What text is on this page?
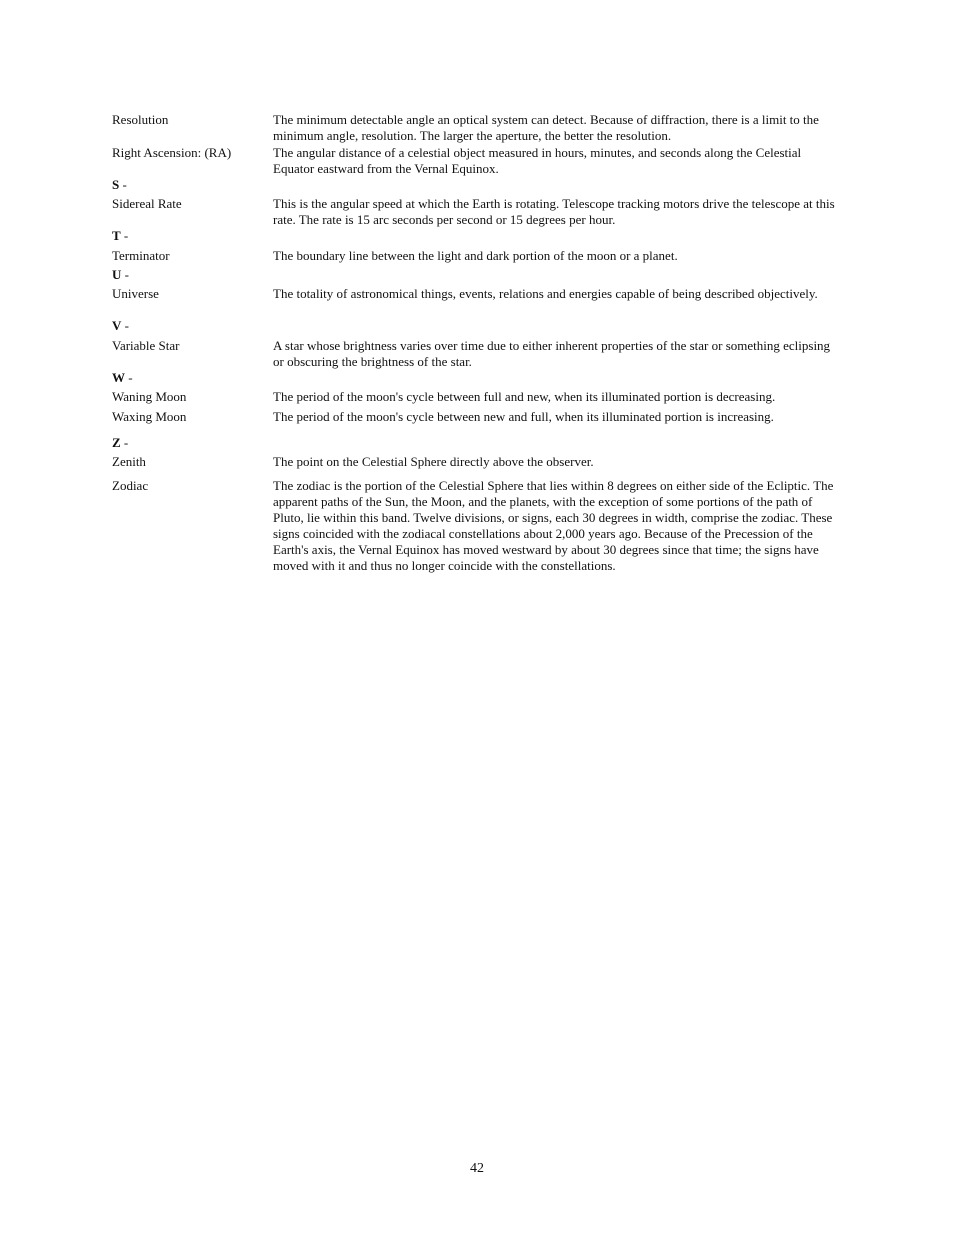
Resolution	The minimum detectable angle an optical system can detect. Because of diffraction, there is a limit to the minimum angle, resolution. The larger the aperture, the better the resolution.
Right Ascension: (RA)	The angular distance of a celestial object measured in hours, minutes, and seconds along the Celestial Equator eastward from the Vernal Equinox.
S -
Sidereal Rate	This is the angular speed at which the Earth is rotating. Telescope tracking motors drive the telescope at this rate. The rate is 15 arc seconds per second or 15 degrees per hour.
T -
Terminator	The boundary line between the light and dark portion of the moon or a planet.
U -
Universe	The totality of astronomical things, events, relations and energies capable of being described objectively.
V -
Variable Star	A star whose brightness varies over time due to either inherent properties of the star or something eclipsing or obscuring the brightness of the star.
W -
Waning Moon	The period of the moon's cycle between full and new, when its illuminated portion is decreasing.
Waxing Moon	The period of the moon's cycle between new and full, when its illuminated portion is increasing.
Z -
Zenith	The point on the Celestial Sphere directly above the observer.
Zodiac	The zodiac is the portion of the Celestial Sphere that lies within 8 degrees on either side of the Ecliptic. The apparent paths of the Sun, the Moon, and the planets, with the exception of some portions of the path of Pluto, lie within this band. Twelve divisions, or signs, each 30 degrees in width, comprise the zodiac. These signs coincided with the zodiacal constellations about 2,000 years ago. Because of the Precession of the Earth's axis, the Vernal Equinox has moved westward by about 30 degrees since that time; the signs have moved with it and thus no longer coincide with the constellations.
42
